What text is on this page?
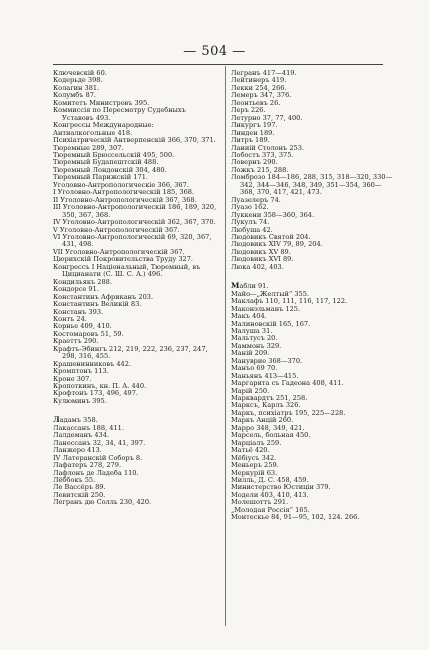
— 504 —
Ключевскій 60.
Кодерьде 398.
Колагин 381.
Колумбъ 87.
Комитетъ Министровъ 395.
Коммиссія по Пересмотру Судебныхъ Уставовъ 493.
Конгрессы Международные:
Антиалкогольные 418.
Психіатрическій Антверпенскій 366, 370, 371.
Тюремные 289, 307.
Тюремный Брюссельскій 495, 500.
Тюремный Будапештскій 488.
Тюремный Лондонскій 304, 480.
Тюремный Парижскій 171.
Уголовно-Антропологическіе 366, 367.
I Уголовно-Антропологическій 185, 368.
II Уголовно-Антропологическій 367, 368.
III Уголовно-Антропологическій 186, 189, 320, 350, 367, 368.
IV Уголовно-Антропологическій 362, 367, 370.
V Уголовно-Антропологическій 367.
VI Уголовно-Антропологическій 69, 320, 367, 431, 498.
VII Уголовно-Антропологическій 367.
Цюрихскій Покровительства Труду 327.
Конгрессъ I Національный, Тюремный, въ Цицианати (С. Ш. С. А.) 496.
Кондильякъ 288.
Кондорсе 91.
Константинъ Африканъ 203.
Константинъ Великій 83.
Констанъ 393.
Контъ 24.
Корнье 409, 410.
Костомаровъ 51, 59.
Краеттъ 290.
Крафтъ-Эбингъ 212, 219, 222, 236, 237, 247, 298, 316, 455.
Крашенинниковъ 442.
Кромптонъ 113.
Кроне 307.
Кропоткинъ, кн. П. А. 440.
Крофтонъ 173, 496, 497.
Кулюминъ 395.
Ладамъ 358.
Лакассанъ 188, 411.
Лалдеманъ 434.
Ланессанъ 32, 34, 41, 397.
Ланжеро 413.
IV Латеранскій Соборъ 8.
Лафатеръ 278, 279.
Лафлонъ де Ладеба 110.
Лёббокъ 55.
Ле Вассёръ 89.
Левитскій 250.
Легранъ дю Солль 230, 420.
Легранъ 417—419.
Лейтинеръ 419.
Лекки 254, 266.
Лемеръ 347, 376.
Леонтьевъ 26.
Леръ 226.
Летурно 37, 77, 400.
Ликургъ 197.
Линден 189.
Литръ 189.
Ланиій Столонъ 253.
Лобостъ 373, 375.
Ловернъ 290.
Ложкъ 215, 288.
Ломброзо 184—186, 288, 315, 318—320, 330—342, 344—346, 348, 349, 351—354, 360—368, 370, 417, 421, 473.
Луазелеръ 74.
Луазо 162.
Луккени 358—360, 364.
Лукулъ 74.
Любуша 42.
Людовикъ Святой 204.
Людовикъ XIV 79, 89, 204.
Людовикъ XV 89.
Людовикъ XVI 89.
Люка 402, 403.
Мабли 91.
Майо—„Желтый“ 355.
Маклафъ 110, 111, 116, 117, 122.
Маконэльманъ 125.
Макъ 404.
Малиновскій 165, 167.
Малуша 31.
Мальтусъ 20.
Маммонъ 329.
Маній 209.
Мануврие 368—370.
Манъо 69 70.
Маньянъ 413—415.
Маргарита съ Гадеона 408, 411.
Марій 250.
Марквардтъ 251, 258.
Марксъ, Карлъ 326.
Маркъ, психіатръ 195, 225—228.
Маркъ Анцій 260.
Марро 348, 349, 421.
Марсель, больная 450.
Марціалъ 259.
Матьё 420.
Мёбіусъ 342.
Меньеръ 259.
Меркурій 63.
Милль, Д. С. 458, 459.
Министерство Юстиціи 379.
Модели 403, 410, 413.
Молешоттъ 291.
„Молодая Россія“ 165.
Монтескье 84, 91—95, 102, 124. 266.
